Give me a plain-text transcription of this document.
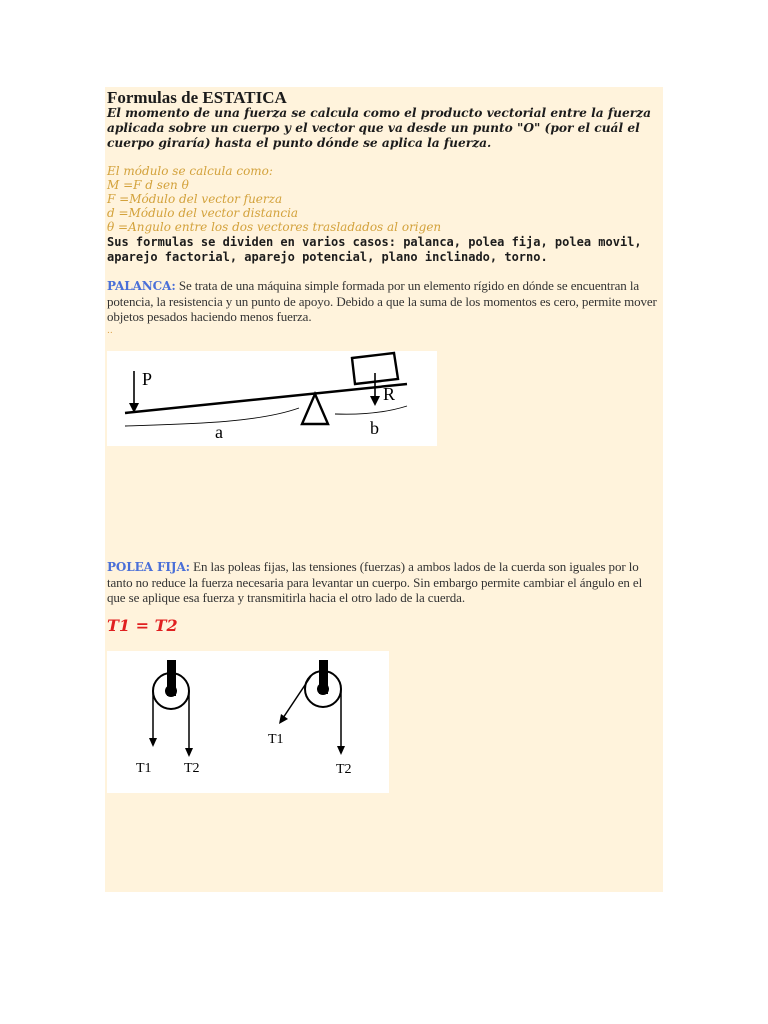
Formulas de ESTATICA

El momento de una fuerza se calcula como el producto vectorial entre la fuerza aplicada sobre un cuerpo y el vector que va desde un punto "O" (por el cuál el cuerpo giraría) hasta el punto dónde se aplica la fuerza.

El módulo se calcula como:
M =F d sen θ
F =Módulo del vector fuerza
d =Módulo del vector distancia
θ =Angulo entre los dos vectores trasladados al origen

Sus formulas se dividen en varios casos: palanca, polea fija, polea movil, aparejo factorial, aparejo potencial, plano inclinado, torno.

PALANCA: Se trata de una máquina simple formada por un elemento rígido en dónde se encuentran la potencia, la resistencia y un punto de apoyo. Debido a que la suma de los momentos es cero, permite mover objetos pesados haciendo menos fuerza.

..
P
R
a	b

POLEA FIJA: En las poleas fijas, las tensiones (fuerzas) a ambos lados de la cuerda son iguales por lo tanto no reduce la fuerza necesaria para levantar un cuerpo. Sin embargo permite cambiar el ángulo en el que se aplique esa fuerza y transmitirla hacia el otro lado de la cuerda.

T1 = T2
T1 T2
T1
T2
